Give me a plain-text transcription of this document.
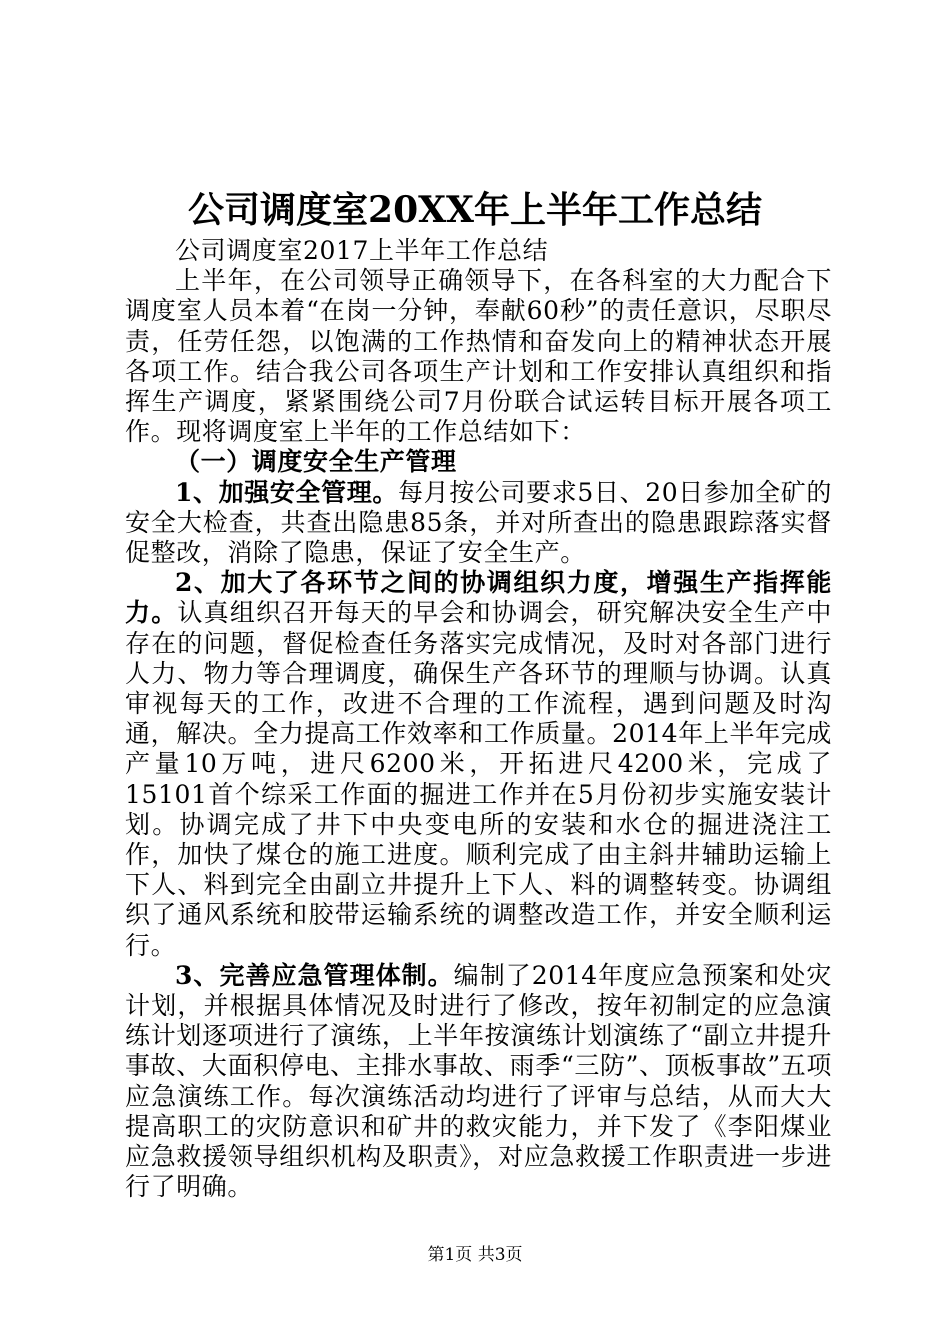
公司调度室20XX年上半年工作总结

公司调度室2017上半年工作总结

上半年，在公司领导正确领导下，在各科室的大力配合下调度室人员本着“在岗一分钟，奉献60秒”的责任意识，尽职尽责，任劳任怨，以饱满的工作热情和奋发向上的精神状态开展各项工作。结合我公司各项生产计划和工作安排认真组织和指挥生产调度，紧紧围绕公司7月份联合试运转目标开展各项工作。现将调度室上半年的工作总结如下：

（一）调度安全生产管理

1、加强安全管理。每月按公司要求5日、20日参加全矿的安全大检查，共查出隐患85条，并对所查出的隐患跟踪落实督促整改，消除了隐患，保证了安全生产。

2、加大了各环节之间的协调组织力度，增强生产指挥能力。认真组织召开每天的早会和协调会，研究解决安全生产中存在的问题，督促检查任务落实完成情况，及时对各部门进行人力、物力等合理调度，确保生产各环节的理顺与协调。认真审视每天的工作，改进不合理的工作流程，遇到问题及时沟通，解决。全力提高工作效率和工作质量。2014年上半年完成产量10万吨，进尺6200米，开拓进尺4200米，完成了15101首个综采工作面的掘进工作并在5月份初步实施安装计划。协调完成了井下中央变电所的安装和水仓的掘进浇注工作，加快了煤仓的施工进度。顺利完成了由主斜井辅助运输上下人、料到完全由副立井提升上下人、料的调整转变。协调组织了通风系统和胶带运输系统的调整改造工作，并安全顺利运行。

3、完善应急管理体制。编制了2014年度应急预案和处灾计划，并根据具体情况及时进行了修改，按年初制定的应急演练计划逐项进行了演练，上半年按演练计划演练了“副立井提升事故、大面积停电、主排水事故、雨季“三防”、顶板事故”五项应急演练工作。每次演练活动均进行了评审与总结，从而大大提高职工的灾防意识和矿井的救灾能力，并下发了《李阳煤业应急救援领导组织机构及职责》，对应急救援工作职责进一步进行了明确。

第1页 共3页
